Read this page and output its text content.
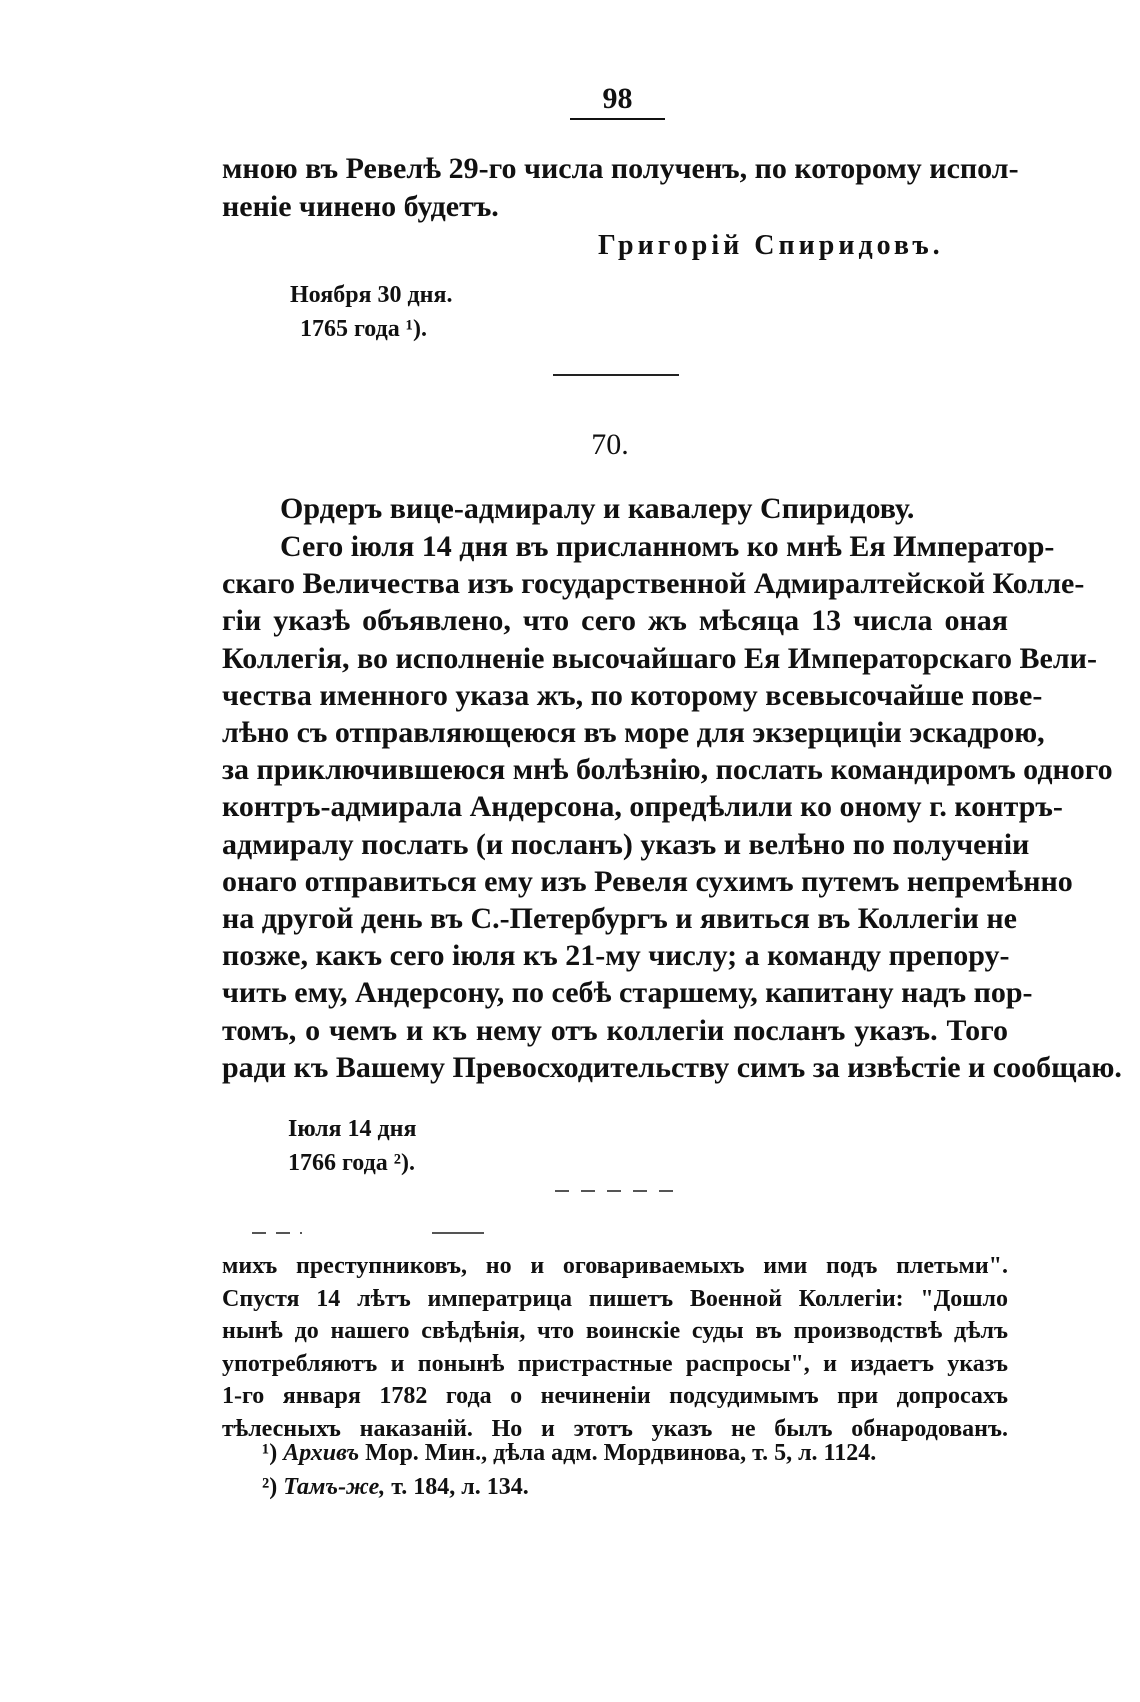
98
мною въ Ревелѣ 29-го числа полученъ, по которому испол-
неніе чинено будетъ.
Григорій Спиридовъ.
Ноября 30 дня.
1765 года ¹).
70.
Ордеръ вице-адмиралу и кавалеру Спиридову.
Сего іюля 14 дня въ присланномъ ко мнѣ Ея Император-
скаго Величества изъ государственной Адмиралтейской Колле-
гіи указѣ объявлено, что сего жъ мѣсяца 13 числа оная
Коллегія, во исполненіе высочайшаго Ея Императорскаго Вели-
чества именного указа жъ, по которому всевысочайше пове-
лѣно съ отправляющеюся въ море для экзерциціи эскадрою,
за приключившеюся мнѣ болѣзнію, послать командиромъ одного
контръ-адмирала Андерсона, опредѣлили ко оному г. контръ-
адмиралу послать (и посланъ) указъ и велѣно по полученіи
онаго отправиться ему изъ Ревеля сухимъ путемъ непремѣнно
на другой день въ С.-Петербургъ и явиться въ Коллегіи не
позже, какъ сего іюля къ 21-му числу; а команду препору-
чить ему, Андерсону, по себѣ старшему, капитану надъ пор-
томъ, о чемъ и къ нему отъ коллегіи посланъ указъ. Того
ради къ Вашему Превосходительству симъ за извѣстіе и сообщаю.
Іюля 14 дня
1766 года ²).
михъ преступниковъ, но и оговариваемыхъ ими подъ плетьми".
Спустя 14 лѣтъ императрица пишетъ Военной Коллегіи: "Дошло
нынѣ до нашего свѣдѣнія, что воинскіе суды въ производствѣ дѣлъ
употребляютъ и понынѣ пристрастные распросы", и издаетъ указъ
1-го января 1782 года о нечиненіи подсудимымъ при допросахъ
тѣлесныхъ наказаній. Но и этотъ указъ не былъ обнародованъ.
¹) Архивъ Мор. Мин., дѣла адм. Мордвинова, т. 5, л. 1124.
²) Тамъ-же, т. 184, л. 134.
